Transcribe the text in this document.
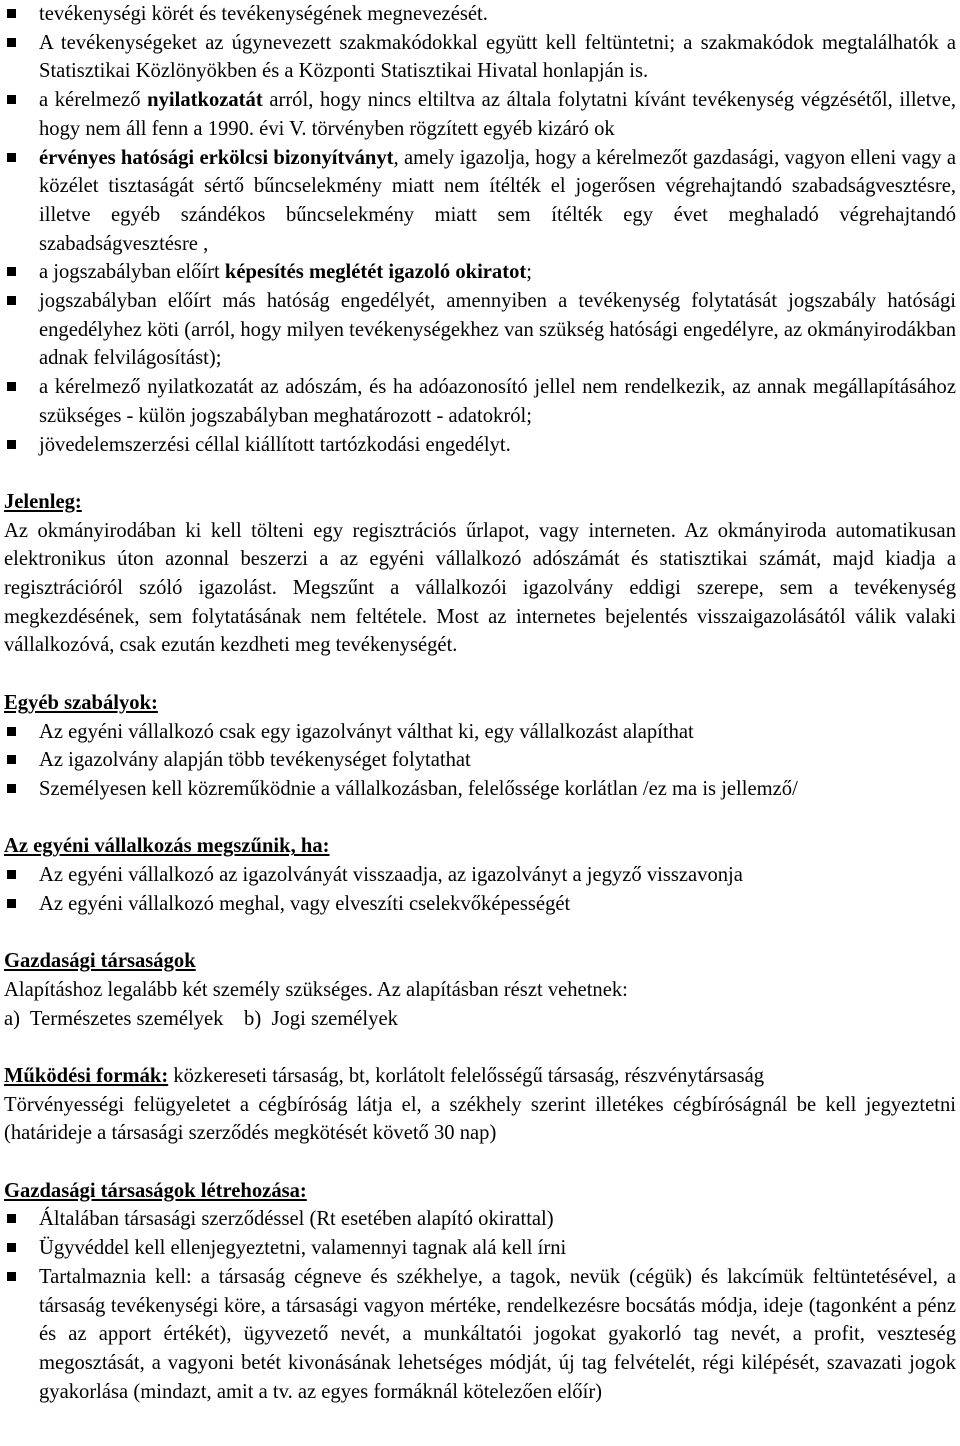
tevékenységi körét és tevékenységének megnevezését.
A tevékenységeket az úgynevezett szakmakódokkal együtt kell feltüntetni; a szakmakódok megtalálhatók a Statisztikai Közlönyökben és a Központi Statisztikai Hivatal honlapján is.
a kérelmező nyilatkozatát arról, hogy nincs eltiltva az általa folytatni kívánt tevékenység végzésétől, illetve, hogy nem áll fenn a 1990. évi V. törvényben rögzített egyéb kizáró ok
érvényes hatósági erkölcsi bizonyítványt, amely igazolja, hogy a kérelmezőt gazdasági, vagyon elleni vagy a közélet tisztaságát sértő bűncselekmény miatt nem ítélték el jogerősen végrehajtandó szabadságvesztésre, illetve egyéb szándékos bűncselekmény miatt sem ítélték egy évet meghaladó végrehajtandó szabadságvesztésre ,
a jogszabályban előírt képesítés meglétét igazoló okiratot;
jogszabályban előírt más hatóság engedélyét, amennyiben a tevékenység folytatását jogszabály hatósági engedélyhez köti (arról, hogy milyen tevékenységekhez van szükség hatósági engedélyre, az okmányirodákban adnak felvilágosítást);
a kérelmező nyilatkozatát az adószám, és ha adóazonosító jellel nem rendelkezik, az annak megállapításához szükséges - külön jogszabályban meghatározott - adatokról;
jövedelemszerzési céllal kiállított tartózkodási engedélyt.

Jelenleg:

Az okmányirodában ki kell tölteni egy regisztrációs űrlapot, vagy interneten. Az okmányiroda automatikusan elektronikus úton azonnal beszerzi a az egyéni vállalkozó adószámát és statisztikai számát, majd kiadja a regisztrációról szóló igazolást. Megszűnt a vállalkozói igazolvány eddigi szerepe, sem a tevékenység megkezdésének, sem folytatásának nem feltétele. Most az internetes bejelentés visszaigazolásától válik valaki vállalkozóvá, csak ezután kezdheti meg tevékenységét.

Egyéb szabályok:

Az egyéni vállalkozó csak egy igazolványt válthat ki, egy vállalkozást alapíthat
Az igazolvány alapján több tevékenységet folytathat
Személyesen kell közreműködnie a vállalkozásban, felelőssége korlátlan /ez ma is jellemző/

Az egyéni vállalkozás megszűnik, ha:

Az egyéni vállalkozó az igazolványát visszaadja, az igazolványt a jegyző visszavonja
Az egyéni vállalkozó meghal, vagy elveszíti cselekvőképességét

Gazdasági társaságok

Alapításhoz legalább két személy szükséges. Az alapításban részt vehetnek:

a)  Természetes személyek
b)  Jogi személyek

Működési formák: közkereseti társaság, bt, korlátolt felelősségű társaság, részvénytársaság

Törvényességi felügyeletet a cégbíróság látja el, a székhely szerint illetékes cégbíróságnál be kell jegyeztetni (határideje a társasági szerződés megkötését követő 30 nap)

Gazdasági társaságok létrehozása:

Általában társasági szerződéssel (Rt esetében alapító okirattal)
Ügyvéddel kell ellenjegyeztetni, valamennyi tagnak alá kell írni
Tartalmaznia kell: a társaság cégneve és székhelye, a tagok, nevük (cégük) és lakcímük feltüntetésével, a társaság tevékenységi köre, a társasági vagyon mértéke, rendelkezésre bocsátás módja, ideje (tagonként a pénz és az apport értékét), ügyvezető nevét, a munkáltatói jogokat gyakorló tag nevét, a profit, veszteség megosztását, a vagyoni betét kivonásának lehetséges módját, új tag felvételét, régi kilépését, szavazati jogok gyakorlása (mindazt, amit a tv. az egyes formáknál kötelezően előír)
